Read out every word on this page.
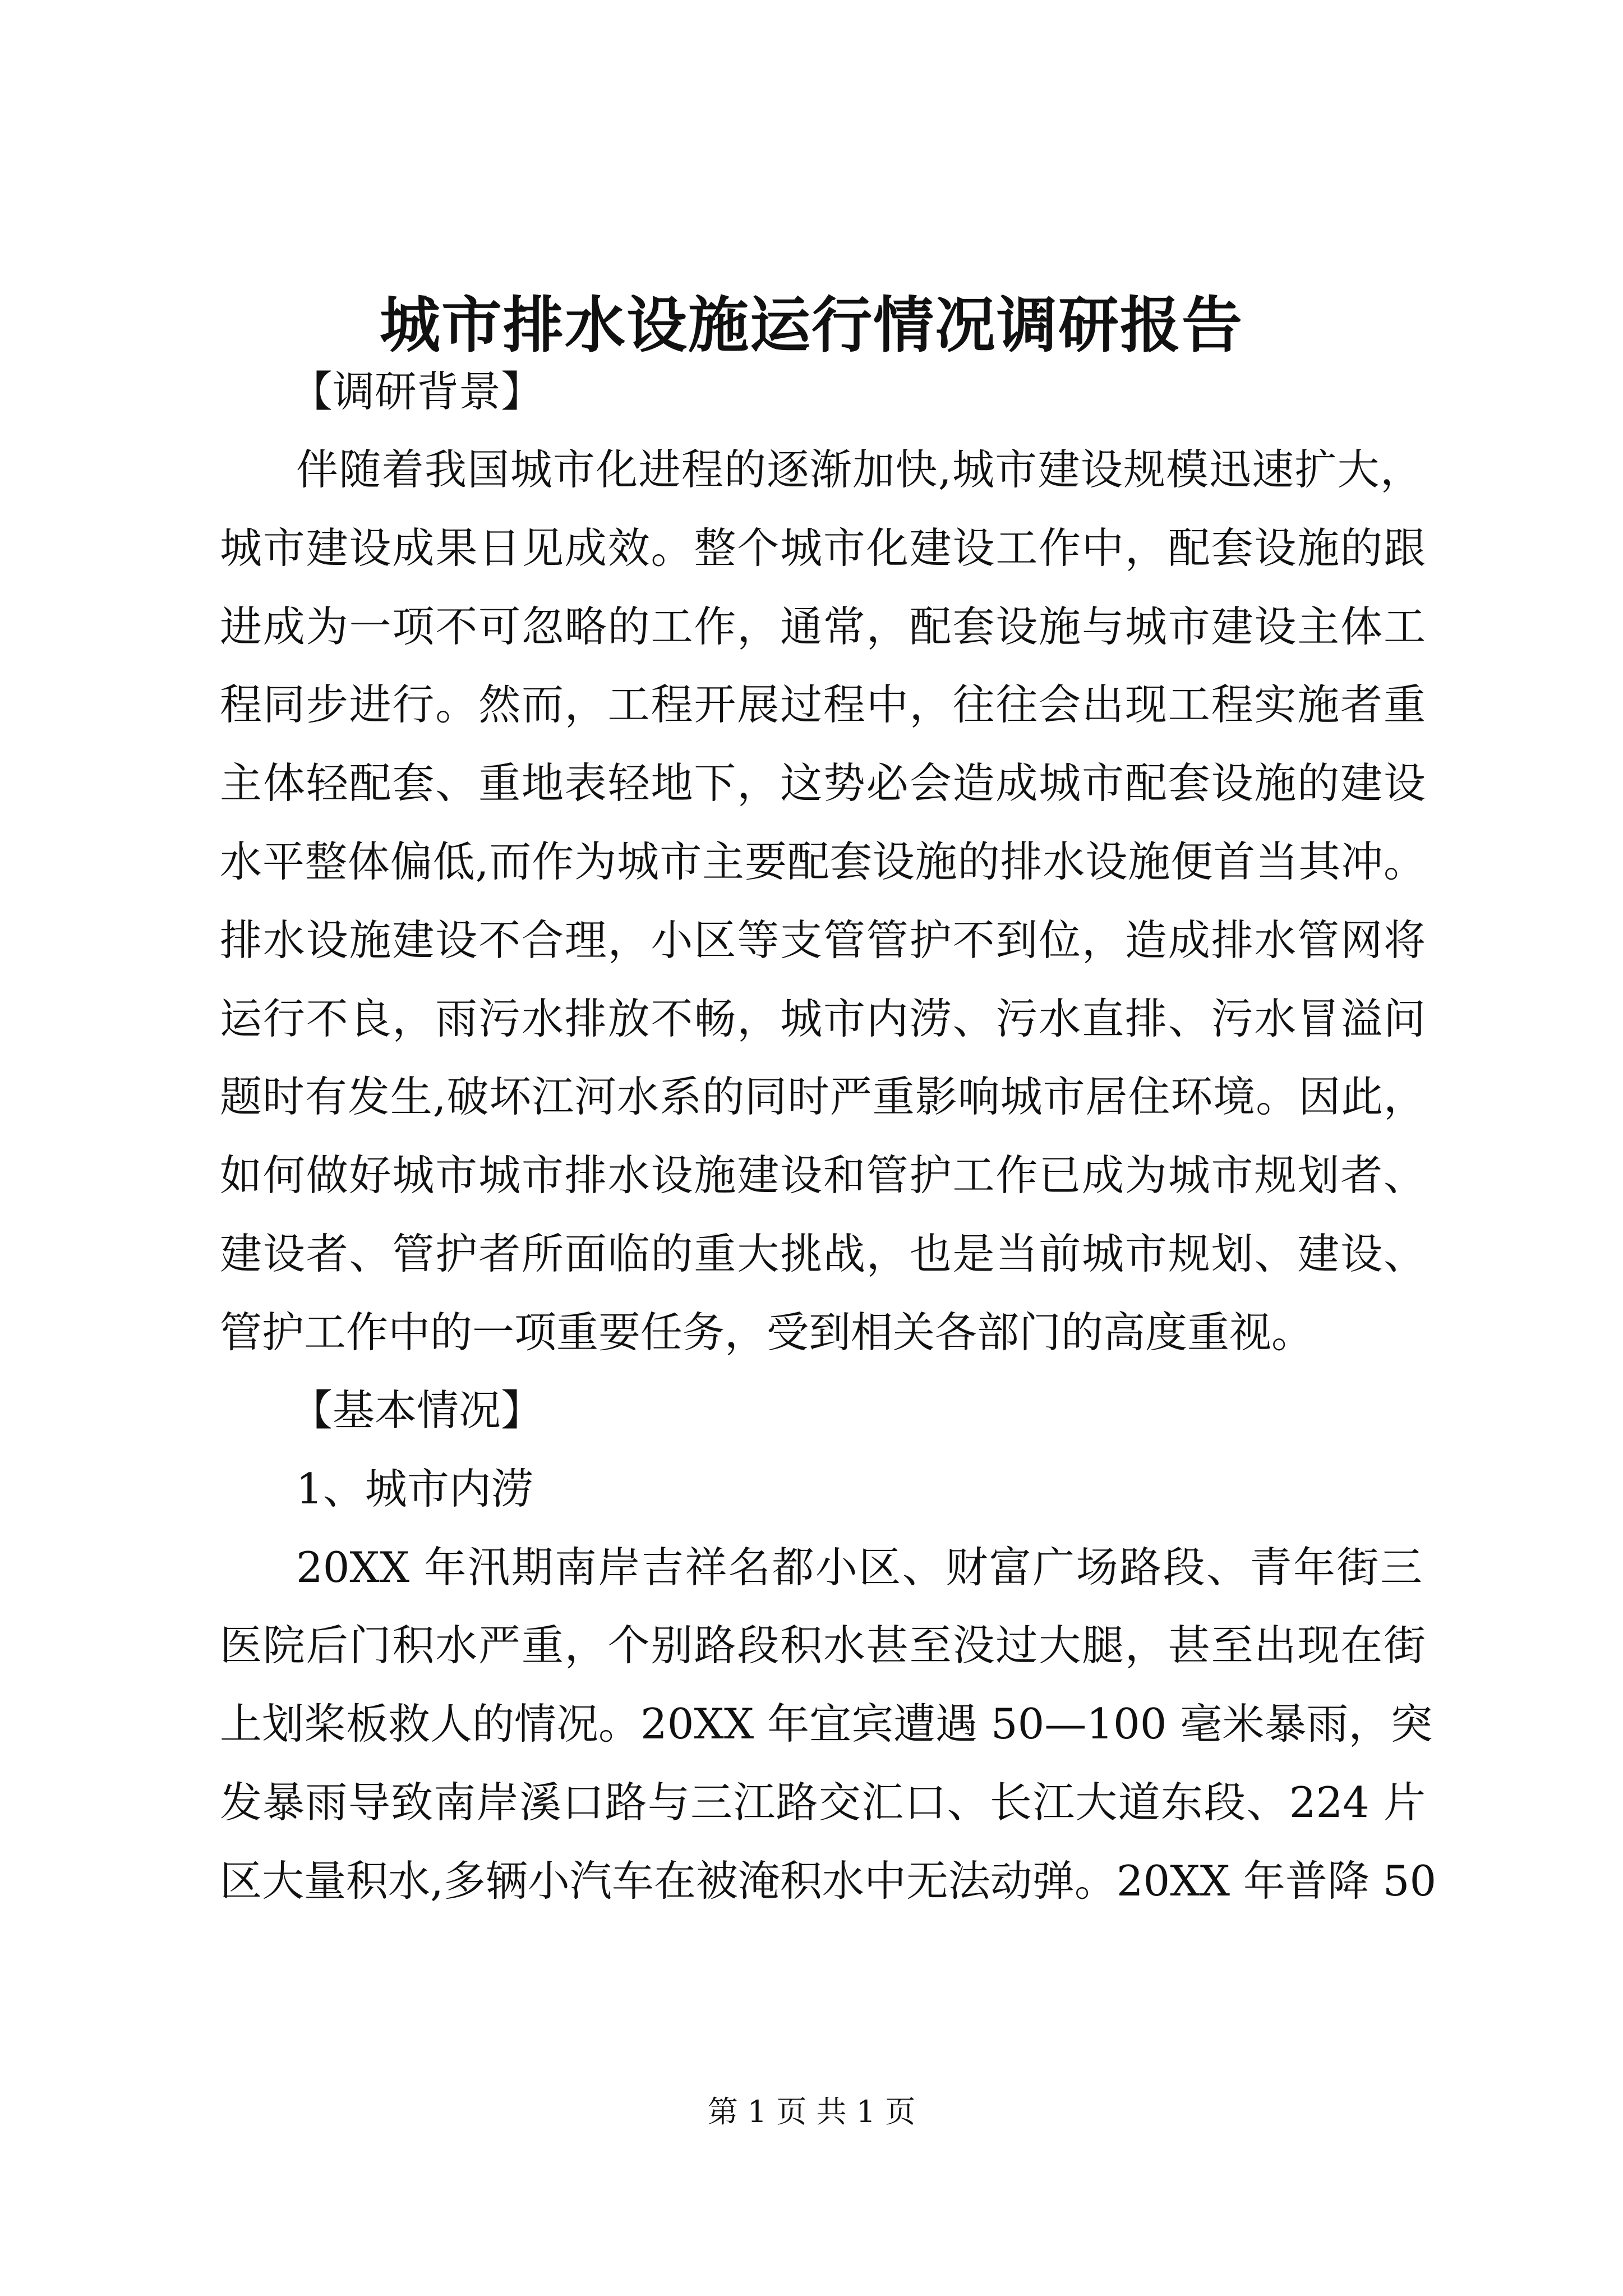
城市排水设施运行情况调研报告
【调研背景】
伴随着我国城市化进程的逐渐加快,城市建设规模迅速扩大，
城市建设成果日见成效。整个城市化建设工作中，配套设施的跟
进成为一项不可忽略的工作，通常，配套设施与城市建设主体工
程同步进行。然而，工程开展过程中，往往会出现工程实施者重
主体轻配套、重地表轻地下，这势必会造成城市配套设施的建设
水平整体偏低,而作为城市主要配套设施的排水设施便首当其冲。
排水设施建设不合理，小区等支管管护不到位，造成排水管网将
运行不良，雨污水排放不畅，城市内涝、污水直排、污水冒溢问
题时有发生,破坏江河水系的同时严重影响城市居住环境。因此，
如何做好城市城市排水设施建设和管护工作已成为城市规划者、
建设者、管护者所面临的重大挑战，也是当前城市规划、建设、
管护工作中的一项重要任务，受到相关各部门的高度重视。
【基本情况】
1、城市内涝
20XX 年汛期南岸吉祥名都小区、财富广场路段、青年街三
医院后门积水严重，个别路段积水甚至没过大腿，甚至出现在街
上划桨板救人的情况。20XX 年宜宾遭遇 50—100 毫米暴雨，突
发暴雨导致南岸溪口路与三江路交汇口、长江大道东段、224 片
区大量积水,多辆小汽车在被淹积水中无法动弹。20XX 年普降 50
第 1 页 共 1 页
